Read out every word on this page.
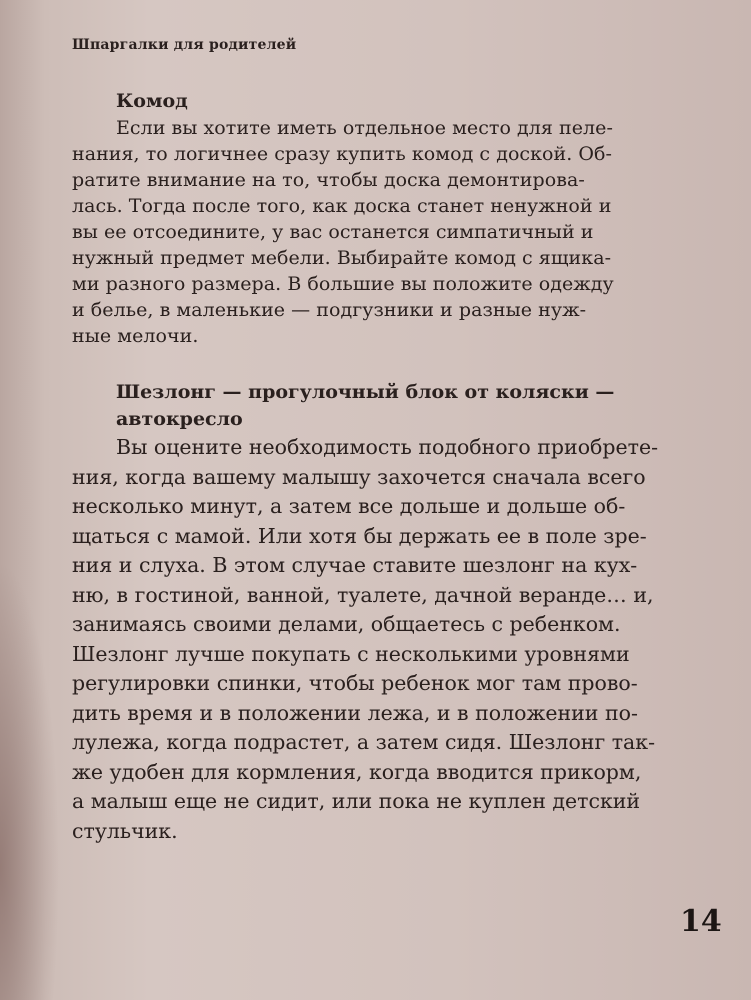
Шпаргалки для родителей
Комод
Если вы хотите иметь отдельное место для пеле-
нания, то логичнее сразу купить комод с доской. Об-
ратите внимание на то, чтобы доска демонтирова-
лась. Тогда после того, как доска станет ненужной и
вы ее отсоедините, у вас останется симпатичный и
нужный предмет мебели. Выбирайте комод с ящика-
ми разного размера. В большие вы положите одежду
и белье, в маленькие — подгузники и разные нуж-
ные мелочи.
Шезлонг — прогулочный блок от коляски —
автокресло
Вы оцените необходимость подобного приобрете-
ния, когда вашему малышу захочется сначала всего
несколько минут, а затем все дольше и дольше об-
щаться с мамой. Или хотя бы держать ее в поле зре-
ния и слуха. В этом случае ставите шезлонг на кух-
ню, в гостиной, ванной, туалете, дачной веранде… и,
занимаясь своими делами, общаетесь с ребенком.
Шезлонг лучше покупать с несколькими уровнями
регулировки спинки, чтобы ребенок мог там прово-
дить время и в положении лежа, и в положении по-
лулежа, когда подрастет, а затем сидя. Шезлонг так-
же удобен для кормления, когда вводится прикорм,
а малыш еще не сидит, или пока не куплен детский
стульчик.
14
